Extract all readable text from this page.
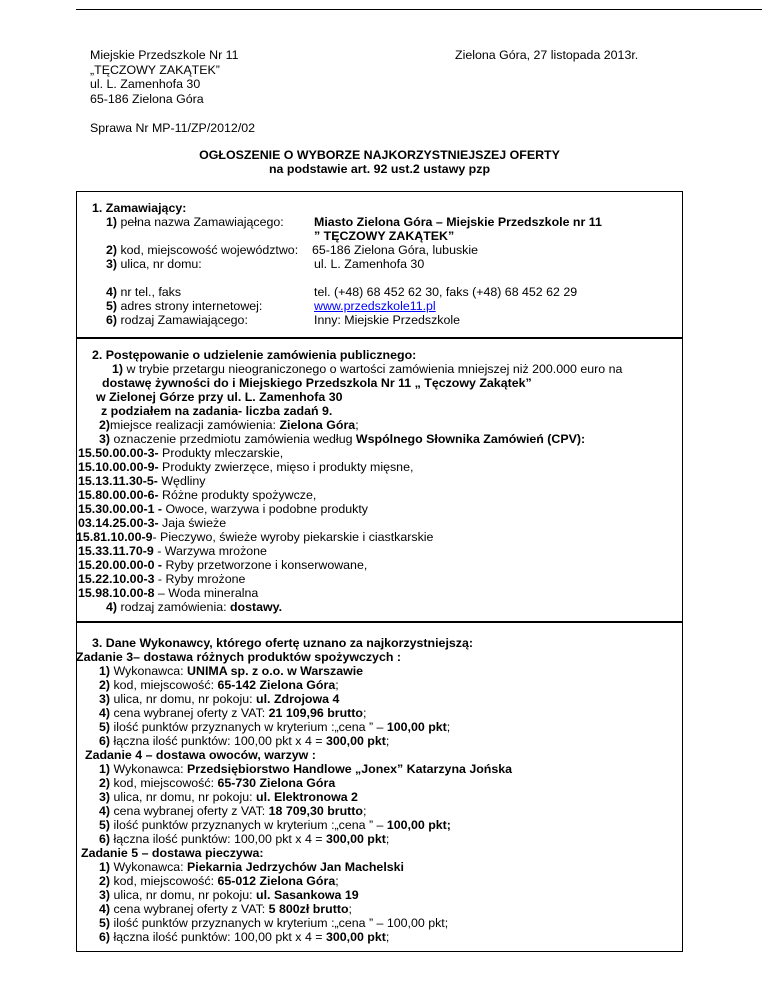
Miejskie Przedszkole Nr 11
„TĘCZOWY ZAKĄTEK”
ul. L. Zamenhofa 30
65-186 Zielona Góra
Zielona Góra, 27 listopada 2013r.
Sprawa Nr MP-11/ZP/2012/02
OGŁOSZENIE O WYBORZE NAJKORZYSTNIEJSZEJ OFERTY
na podstawie art. 92 ust.2 ustawy pzp
1. Zamawiający:
1) pełna nazwa Zamawiającego: Miasto Zielona Góra – Miejskie Przedszkole nr 11
” TĘCZOWY ZAKĄTEK”
2) kod, miejscowość województwo: 65-186 Zielona Góra, lubuskie
3) ulica, nr domu:	ul. L. Zamenhofa 30
4) nr tel., faks	tel. (+48) 68 452 62 30, faks (+48) 68 452 62 29
5) adres strony internetowej:	www.przedszkole11.pl
6) rodzaj Zamawiającego:	Inny: Miejskie Przedszkole
2. Postępowanie o udzielenie zamówienia publicznego:
1) w trybie przetargu nieograniczonego o wartości zamówienia mniejszej niż 200.000 euro na
dostawę żywności do i Miejskiego Przedszkola Nr 11 „ Tęczowy Zakątek”
w Zielonej Górze przy ul. L. Zamenhofa 30
z podziałem na zadania- liczba zadań 9.
2)miejsce realizacji zamówienia: Zielona Góra;
3) oznaczenie przedmiotu zamówienia według Wspólnego Słownika Zamówień (CPV):
15.50.00.00-3- Produkty mleczarskie,
15.10.00.00-9- Produkty zwierzęce, mięso i produkty mięsne,
15.13.11.30-5- Wędliny
15.80.00.00-6- Różne produkty spożywcze,
15.30.00.00-1 - Owoce, warzywa i podobne produkty
03.14.25.00-3- Jaja świeże
15.81.10.00-9- Pieczywo, świeże wyroby piekarskie i ciastkarskie
15.33.11.70-9 - Warzywa mrożone
15.20.00.00-0 - Ryby przetworzone i konserwowane,
15.22.10.00-3 - Ryby mrożone
15.98.10.00-8 – Woda mineralna
4) rodzaj zamówienia: dostawy.
3. Dane Wykonawcy, którego ofertę uznano za najkorzystniejszą:
Zadanie 3– dostawa różnych produktów spożywczych :
1) Wykonawca: UNIMA sp. z o.o. w Warszawie
2) kod, miejscowość: 65-142 Zielona Góra;
3) ulica, nr domu, nr pokoju: ul. Zdrojowa 4
4) cena wybranej oferty z VAT: 21 109,96 brutto;
5) ilość punktów przyznanych w kryterium :„cena ” – 100,00 pkt;
6) łączna ilość punktów: 100,00 pkt x 4 = 300,00 pkt;
Zadanie 4 – dostawa owoców, warzyw :
1) Wykonawca: Przedsiębiorstwo Handlowe „Jonex” Katarzyna Jońska
2) kod, miejscowość: 65-730 Zielona Góra
3) ulica, nr domu, nr pokoju: ul. Elektronowa 2
4) cena wybranej oferty z VAT: 18 709,30 brutto;
5) ilość punktów przyznanych w kryterium :„cena ” – 100,00 pkt;
6) łączna ilość punktów: 100,00 pkt x 4 = 300,00 pkt;
Zadanie 5 – dostawa pieczywa:
1) Wykonawca: Piekarnia Jedrzychów Jan Machelski
2) kod, miejscowość: 65-012 Zielona Góra;
3) ulica, nr domu, nr pokoju: ul. Sasankowa 19
4) cena wybranej oferty z VAT: 5 800zł brutto;
5) ilość punktów przyznanych w kryterium :„cena ” – 100,00 pkt;
6) łączna ilość punktów: 100,00 pkt x 4 = 300,00 pkt;
